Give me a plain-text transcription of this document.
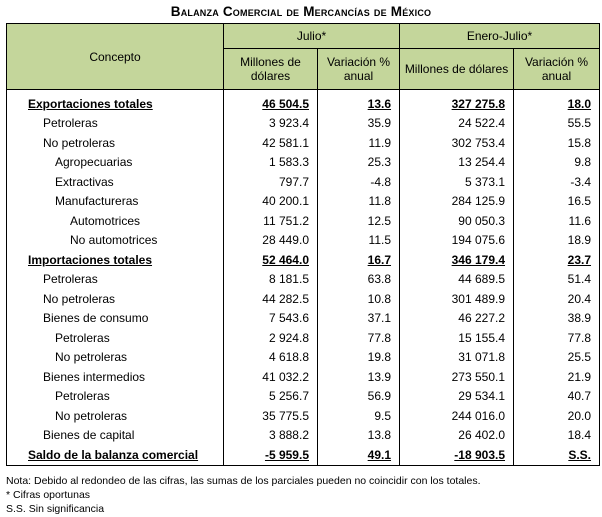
Balanza Comercial de Mercancías de México
Concepto	Julio*		Enero-Julio*	
	Millones de dólares	Variación % anual	Millones de dólares	Variación % anual
Exportaciones totales	46 504.5	13.6	327 275.8	18.0
Petroleras	3 923.4	35.9	24 522.4	55.5
No petroleras	42 581.1	11.9	302 753.4	15.8
Agropecuarias	1 583.3	25.3	13 254.4	9.8
Extractivas	797.7	-4.8	5 373.1	-3.4
Manufactureras	40 200.1	11.8	284 125.9	16.5
Automotrices	11 751.2	12.5	90 050.3	11.6
No automotrices	28 449.0	11.5	194 075.6	18.9
Importaciones totales	52 464.0	16.7	346 179.4	23.7
Petroleras	8 181.5	63.8	44 689.5	51.4
No petroleras	44 282.5	10.8	301 489.9	20.4
Bienes de consumo	7 543.6	37.1	46 227.2	38.9
Petroleras	2 924.8	77.8	15 155.4	77.8
No petroleras	4 618.8	19.8	31 071.8	25.5
Bienes intermedios	41 032.2	13.9	273 550.1	21.9
Petroleras	5 256.7	56.9	29 534.1	40.7
No petroleras	35 775.5	9.5	244 016.0	20.0
Bienes de capital	3 888.2	13.8	26 402.0	18.4
Saldo de la balanza comercial	-5 959.5	49.1	-18 903.5	S.S.
Nota: Debido al redondeo de las cifras, las sumas de los parciales pueden no coincidir con los totales.
* Cifras oportunas
S.S. Sin significancia
